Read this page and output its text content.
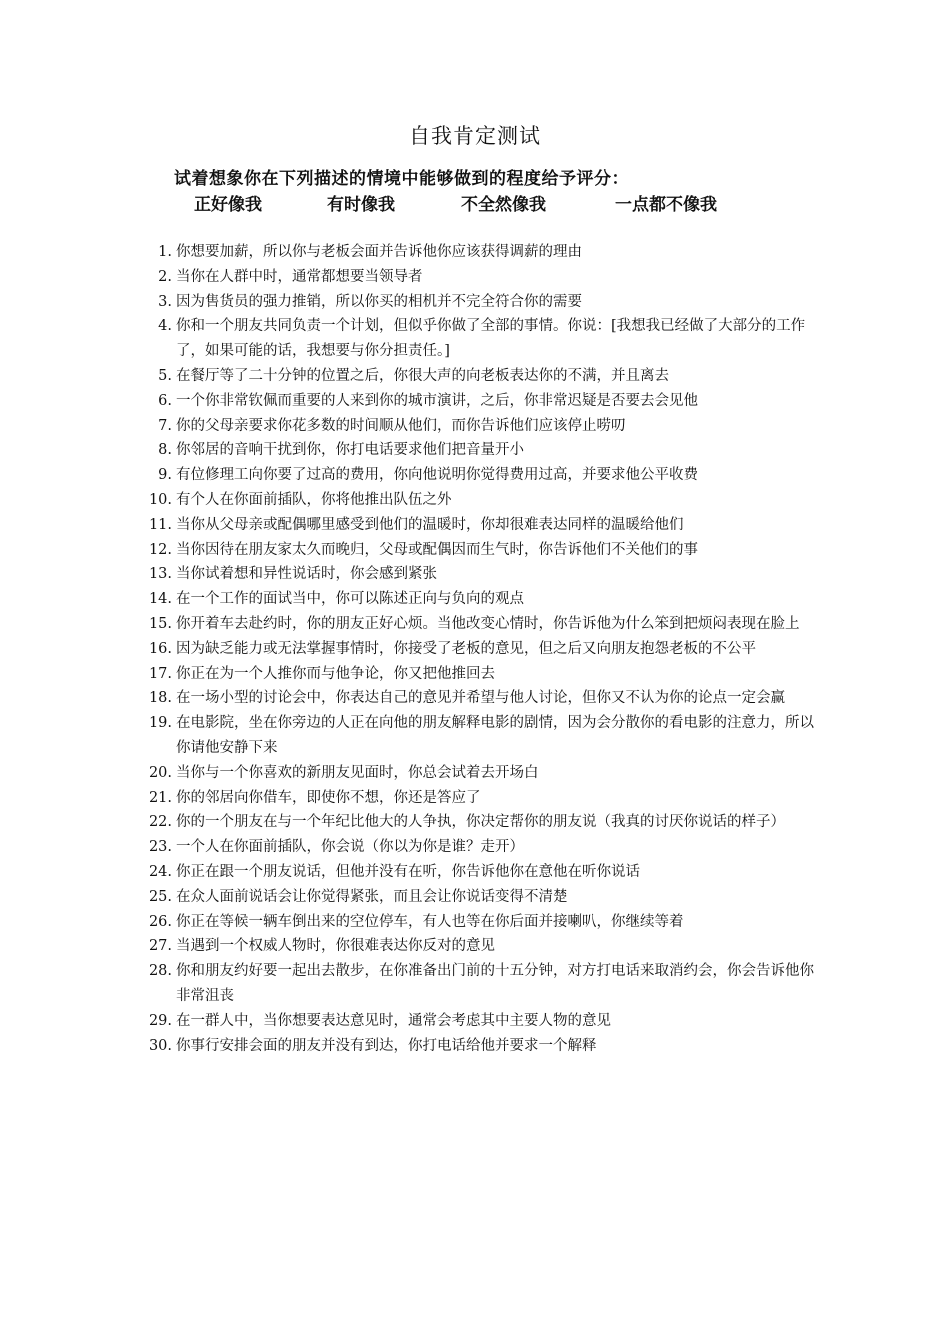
自我肯定测试
试着想象你在下列描述的情境中能够做到的程度给予评分：
正好像我	有时像我	不全然像我	一点都不像我
1. 你想要加薪，所以你与老板会面并告诉他你应该获得调薪的理由
2. 当你在人群中时，通常都想要当领导者
3. 因为售货员的强力推销，所以你买的相机并不完全符合你的需要
4. 你和一个朋友共同负责一个计划，但似乎你做了全部的事情。你说：[我想我已经做了大部分的工作了，如果可能的话，我想要与你分担责任。]
5. 在餐厅等了二十分钟的位置之后，你很大声的向老板表达你的不满，并且离去
6. 一个你非常钦佩而重要的人来到你的城市演讲，之后，你非常迟疑是否要去会见他
7. 你的父母亲要求你花多数的时间顺从他们，而你告诉他们应该停止唠叨
8. 你邻居的音响干扰到你，你打电话要求他们把音量开小
9. 有位修理工向你要了过高的费用，你向他说明你觉得费用过高，并要求他公平收费
10. 有个人在你面前插队，你将他推出队伍之外
11. 当你从父母亲或配偶哪里感受到他们的温暖时，你却很难表达同样的温暖给他们
12. 当你因待在朋友家太久而晚归，父母或配偶因而生气时，你告诉他们不关他们的事
13. 当你试着想和异性说话时，你会感到紧张
14. 在一个工作的面试当中，你可以陈述正向与负向的观点
15. 你开着车去赴约时，你的朋友正好心烦。当他改变心情时，你告诉他为什么笨到把烦闷表现在脸上
16. 因为缺乏能力或无法掌握事情时，你接受了老板的意见，但之后又向朋友抱怨老板的不公平
17. 你正在为一个人推你而与他争论，你又把他推回去
18. 在一场小型的讨论会中，你表达自己的意见并希望与他人讨论，但你又不认为你的论点一定会赢
19. 在电影院，坐在你旁边的人正在向他的朋友解释电影的剧情，因为会分散你的看电影的注意力，所以你请他安静下来
20. 当你与一个你喜欢的新朋友见面时，你总会试着去开场白
21. 你的邻居向你借车，即使你不想，你还是答应了
22. 你的一个朋友在与一个年纪比他大的人争执，你决定帮你的朋友说（我真的讨厌你说话的样子）
23. 一个人在你面前插队，你会说（你以为你是谁？走开）
24. 你正在跟一个朋友说话，但他并没有在听，你告诉他你在意他在听你说话
25. 在众人面前说话会让你觉得紧张，而且会让你说话变得不清楚
26. 你正在等候一辆车倒出来的空位停车，有人也等在你后面并接喇叭，你继续等着
27. 当遇到一个权威人物时，你很难表达你反对的意见
28. 你和朋友约好要一起出去散步，在你准备出门前的十五分钟，对方打电话来取消约会，你会告诉他你非常沮丧
29. 在一群人中，当你想要表达意见时，通常会考虑其中主要人物的意见
30. 你事行安排会面的朋友并没有到达，你打电话给他并要求一个解释
